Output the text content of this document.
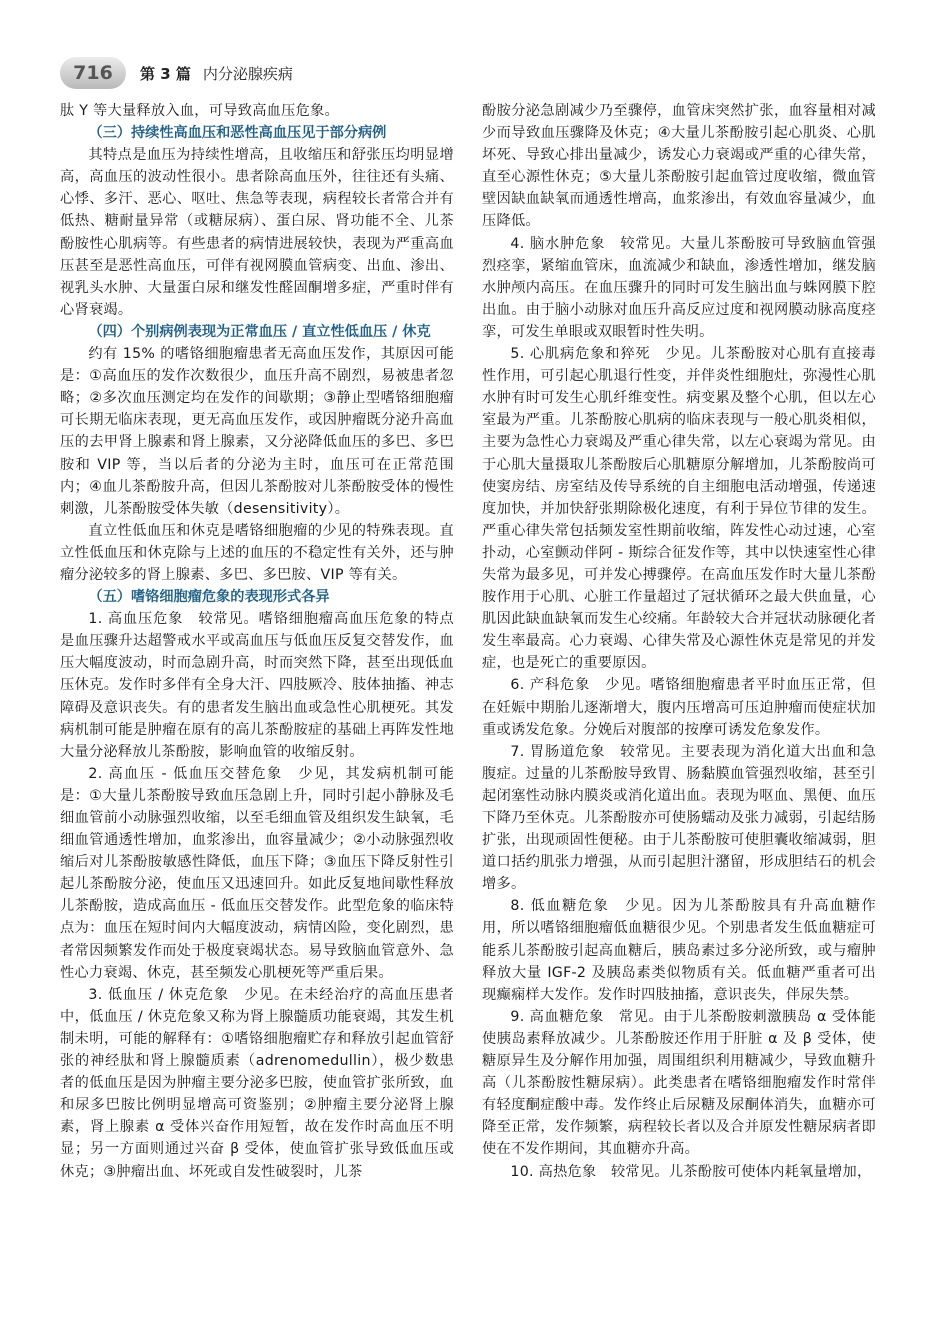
716	第 3 篇 内分泌腺疾病

肽 Y 等大量释放入血，可导致高血压危象。

（三）持续性高血压和恶性高血压见于部分病例

其特点是血压为持续性增高，且收缩压和舒张压均明显增高，高血压的波动性很小。患者除高血压外，往往还有头痛、心悸、多汗、恶心、呕吐、焦急等表现，病程较长者常合并有低热、糖耐量异常（或糖尿病）、蛋白尿、肾功能不全、儿茶酚胺性心肌病等。有些患者的病情进展较快，表现为严重高血压甚至是恶性高血压，可伴有视网膜血管病变、出血、渗出、视乳头水肿、大量蛋白尿和继发性醛固酮增多症，严重时伴有心肾衰竭。

（四）个别病例表现为正常血压 / 直立性低血压 / 休克

约有 15% 的嗜铬细胞瘤患者无高血压发作，其原因可能是：①高血压的发作次数很少，血压升高不剧烈，易被患者忽略；②多次血压测定均在发作的间歇期；③静止型嗜铬细胞瘤可长期无临床表现，更无高血压发作，或因肿瘤既分泌升高血压的去甲肾上腺素和肾上腺素，又分泌降低血压的多巴、多巴胺和 VIP 等，当以后者的分泌为主时，血压可在正常范围内；④血儿茶酚胺升高，但因儿茶酚胺对儿茶酚胺受体的慢性刺激，儿茶酚胺受体失敏（desensitivity）。

直立性低血压和休克是嗜铬细胞瘤的少见的特殊表现。直立性低血压和休克除与上述的血压的不稳定性有关外，还与肿瘤分泌较多的肾上腺素、多巴、多巴胺、VIP 等有关。

（五）嗜铬细胞瘤危象的表现形式各异

1. 高血压危象　较常见。嗜铬细胞瘤高血压危象的特点是血压骤升达超警戒水平或高血压与低血压反复交替发作，血压大幅度波动，时而急剧升高，时而突然下降，甚至出现低血压休克。发作时多伴有全身大汗、四肢厥冷、肢体抽搐、神志障碍及意识丧失。有的患者发生脑出血或急性心肌梗死。其发病机制可能是肿瘤在原有的高儿茶酚胺症的基础上再阵发性地大量分泌释放儿茶酚胺，影响血管的收缩反射。

2. 高血压 - 低血压交替危象　少见，其发病机制可能是：①大量儿茶酚胺导致血压急剧上升，同时引起小静脉及毛细血管前小动脉强烈收缩，以至毛细血管及组织发生缺氧，毛细血管通透性增加，血浆渗出，血容量减少；②小动脉强烈收缩后对儿茶酚胺敏感性降低，血压下降；③血压下降反射性引起儿茶酚胺分泌，使血压又迅速回升。如此反复地间歇性释放儿茶酚胺，造成高血压 - 低血压交替发作。此型危象的临床特点为：血压在短时间内大幅度波动，病情凶险，变化剧烈，患者常因频繁发作而处于极度衰竭状态。易导致脑血管意外、急性心力衰竭、休克，甚至频发心肌梗死等严重后果。

3. 低血压 / 休克危象　少见。在未经治疗的高血压患者中，低血压 / 休克危象又称为肾上腺髓质功能衰竭，其发生机制未明，可能的解释有：①嗜铬细胞瘤贮存和释放引起血管舒张的神经肽和肾上腺髓质素（adrenomedullin），极少数患者的低血压是因为肿瘤主要分泌多巴胺，使血管扩张所致，血和尿多巴胺比例明显增高可资鉴别；②肿瘤主要分泌肾上腺素，肾上腺素 α 受体兴奋作用短暂，故在发作时高血压不明显；另一方面则通过兴奋 β 受体，使血管扩张导致低血压或休克；③肿瘤出血、坏死或自发性破裂时，儿茶

酚胺分泌急剧减少乃至骤停，血管床突然扩张，血容量相对减少而导致血压骤降及休克；④大量儿茶酚胺引起心肌炎、心肌坏死、导致心排出量减少，诱发心力衰竭或严重的心律失常，直至心源性休克；⑤大量儿茶酚胺引起血管过度收缩，微血管壁因缺血缺氧而通透性增高，血浆渗出，有效血容量减少，血压降低。

4. 脑水肿危象　较常见。大量儿茶酚胺可导致脑血管强烈痉挛，紧缩血管床，血流减少和缺血，渗透性增加，继发脑水肿颅内高压。在血压骤升的同时可发生脑出血与蛛网膜下腔出血。由于脑小动脉对血压升高反应过度和视网膜动脉高度痉挛，可发生单眼或双眼暂时性失明。

5. 心肌病危象和猝死　少见。儿茶酚胺对心肌有直接毒性作用，可引起心肌退行性变，并伴炎性细胞灶，弥漫性心肌水肿有时可发生心肌纤维变性。病变累及整个心肌，但以左心室最为严重。儿茶酚胺心肌病的临床表现与一般心肌炎相似，主要为急性心力衰竭及严重心律失常，以左心衰竭为常见。由于心肌大量摄取儿茶酚胺后心肌糖原分解增加，儿茶酚胺尚可使窦房结、房室结及传导系统的自主细胞电活动增强，传递速度加快，并加快舒张期除极化速度，有利于异位节律的发生。严重心律失常包括频发室性期前收缩，阵发性心动过速，心室扑动，心室颤动伴阿 - 斯综合征发作等，其中以快速室性心律失常为最多见，可并发心搏骤停。在高血压发作时大量儿茶酚胺作用于心肌、心脏工作量超过了冠状循环之最大供血量，心肌因此缺血缺氧而发生心绞痛。年龄较大合并冠状动脉硬化者发生率最高。心力衰竭、心律失常及心源性休克是常见的并发症，也是死亡的重要原因。

6. 产科危象　少见。嗜铬细胞瘤患者平时血压正常，但在妊娠中期胎儿逐渐增大，腹内压增高可压迫肿瘤而使症状加重或诱发危象。分娩后对腹部的按摩可诱发危象发作。

7. 胃肠道危象　较常见。主要表现为消化道大出血和急腹症。过量的儿茶酚胺导致胃、肠黏膜血管强烈收缩，甚至引起闭塞性动脉内膜炎或消化道出血。表现为呕血、黑便、血压下降乃至休克。儿茶酚胺亦可使肠蠕动及张力减弱，引起结肠扩张，出现顽固性便秘。由于儿茶酚胺可使胆囊收缩减弱，胆道口括约肌张力增强，从而引起胆汁潴留，形成胆结石的机会增多。

8. 低血糖危象　少见。因为儿茶酚胺具有升高血糖作用，所以嗜铬细胞瘤低血糖很少见。个别患者发生低血糖症可能系儿茶酚胺引起高血糖后，胰岛素过多分泌所致，或与瘤肿释放大量 IGF-2 及胰岛素类似物质有关。低血糖严重者可出现癫痫样大发作。发作时四肢抽搐，意识丧失，伴尿失禁。

9. 高血糖危象　常见。由于儿茶酚胺刺激胰岛 α 受体能使胰岛素释放减少。儿茶酚胺还作用于肝脏 α 及 β 受体，使糖原异生及分解作用加强，周围组织利用糖减少，导致血糖升高（儿茶酚胺性糖尿病）。此类患者在嗜铬细胞瘤发作时常伴有轻度酮症酸中毒。发作终止后尿糖及尿酮体消失，血糖亦可降至正常，发作频繁，病程较长者以及合并原发性糖尿病者即使在不发作期间，其血糖亦升高。

10. 高热危象　较常见。儿茶酚胺可使体内耗氧量增加，
